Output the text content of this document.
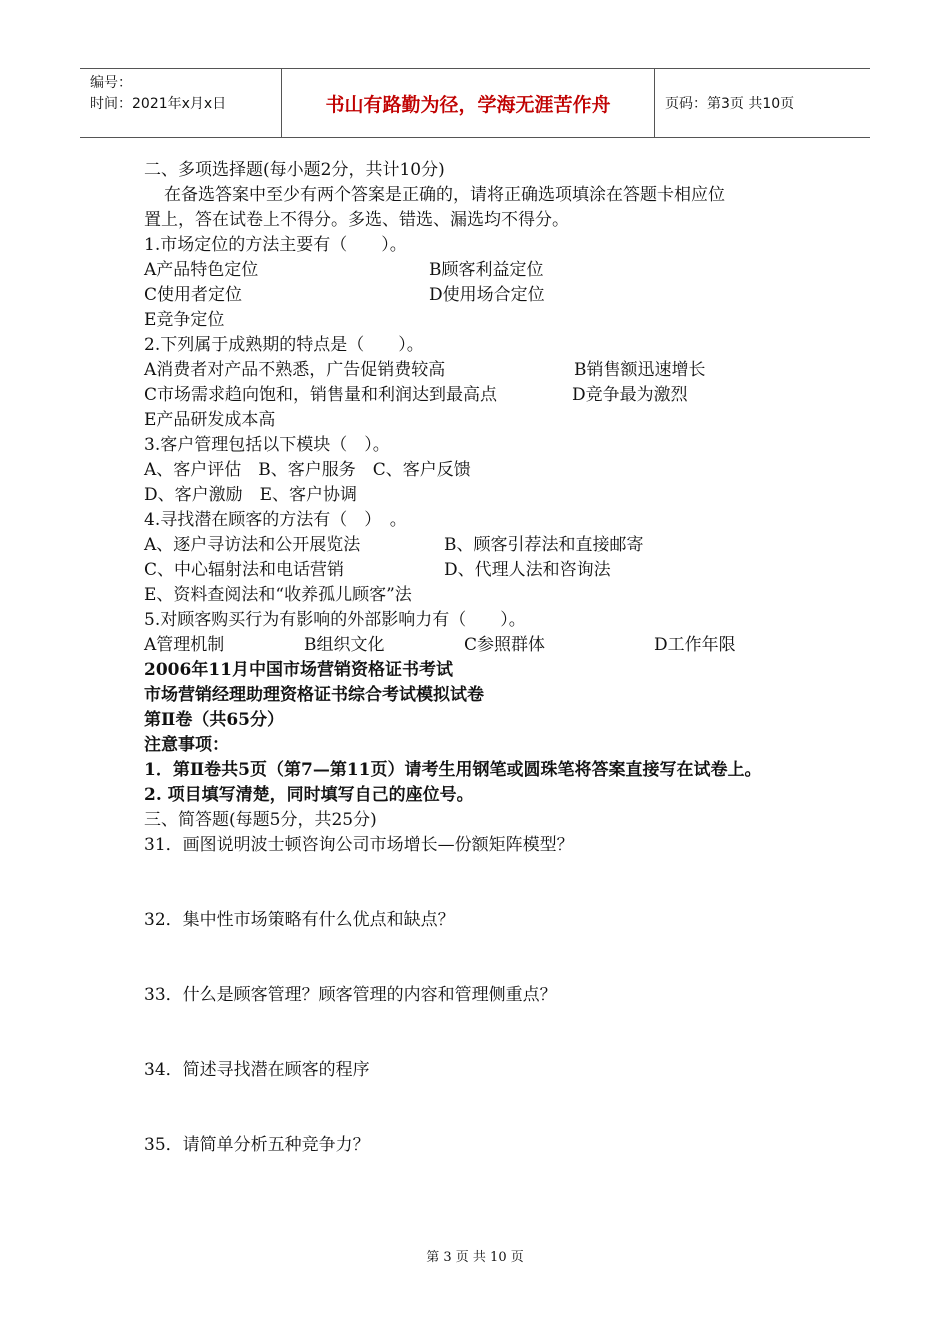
编号：
时间：2021年x月x日	书山有路勤为径，学海无涯苦作舟	页码：第3页 共10页
二、多项选择题(每小题2分，共计10分)
在备选答案中至少有两个答案是正确的，请将正确选项填涂在答题卡相应位
置上，答在试卷上不得分。多选、错选、漏选均不得分。
1.市场定位的方法主要有（　　）。
A产品特色定位	B顾客利益定位
C使用者定位	D使用场合定位
E竞争定位
2.下列属于成熟期的特点是（　　）。
A消费者对产品不熟悉，广告促销费较高	B销售额迅速增长
C市场需求趋向饱和，销售量和利润达到最高点	D竞争最为激烈
E产品研发成本高
3.客户管理包括以下模块（　）。
A、客户评估　B、客户服务　C、客户反馈
D、客户激励　E、客户协调
4.寻找潜在顾客的方法有（　）　。
A、逐户寻访法和公开展览法	B、顾客引荐法和直接邮寄
C、中心辐射法和电话营销	D、代理人法和咨询法
E、资料查阅法和“收养孤儿顾客”法
5.对顾客购买行为有影响的外部影响力有（　　）。
A管理机制	B组织文化	C参照群体	D工作年限
2006年11月中国市场营销资格证书考试
市场营销经理助理资格证书综合考试模拟试卷
第Ⅱ卷（共65分）
注意事项：
1．第Ⅱ卷共5页（第7—第11页）请考生用钢笔或圆珠笔将答案直接写在试卷上。
2. 项目填写清楚，同时填写自己的座位号。
三、简答题(每题5分，共25分)
31．画图说明波士顿咨询公司市场增长—份额矩阵模型？
32．集中性市场策略有什么优点和缺点？
33．什么是顾客管理？顾客管理的内容和管理侧重点？
34．简述寻找潜在顾客的程序
35．请简单分析五种竞争力？
第 3 页 共 10 页
